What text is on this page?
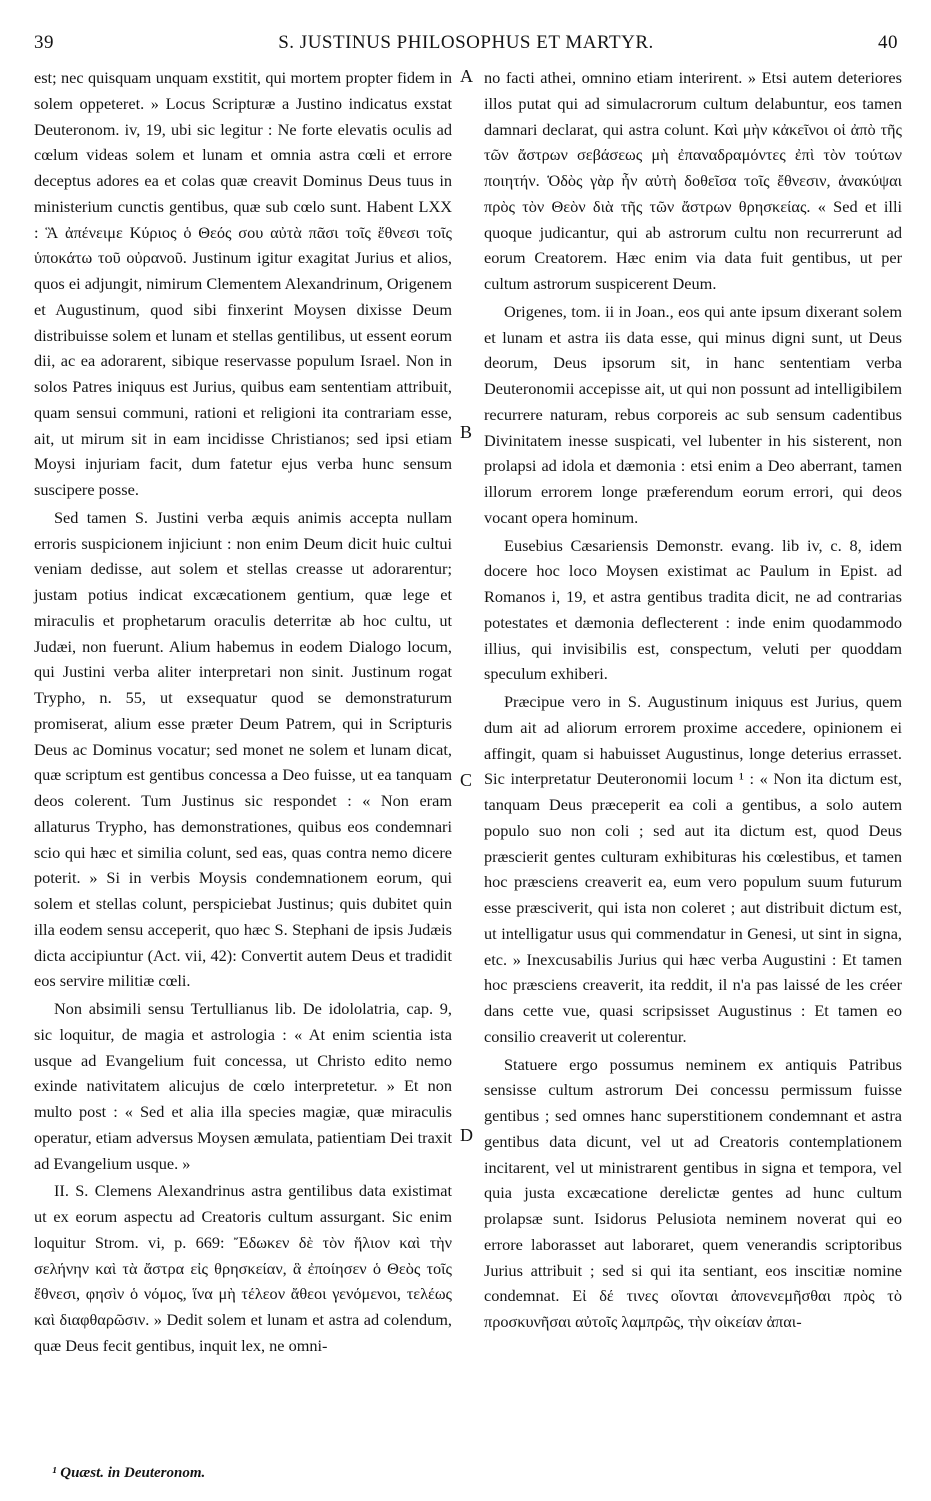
39	S. JUSTINUS PHILOSOPHUS ET MARTYR.	40

est; nec quisquam unquam exstitit, qui mortem propter fidem in solem oppeteret. » Locus Scripturæ a Justino indicatus exstat Deuteronom. iv, 19, ubi sic legitur : Ne forte elevatis oculis ad cœlum videas solem et lunam et omnia astra cœli et errore deceptus adores ea et colas quæ creavit Dominus Deus tuus in ministerium cunctis gentibus, quæ sub cœlo sunt. Habent LXX : Ἃ ἀπένειμε Κύριος ὁ Θεός σου αὐτὰ πᾶσι τοῖς ἔθνεσι τοῖς ὑποκάτω τοῦ οὐρανοῦ. Justinum igitur exagitat Jurius et alios, quos ei adjungit, nimirum Clementem Alexandrinum, Origenem et Augustinum, quod sibi finxerint Moysen dixisse Deum distribuisse solem et lunam et stellas gentilibus, ut essent eorum dii, ac ea adorarent, sibique reservasse populum Israel. Non in solos Patres iniquus est Jurius, quibus eam sententiam attribuit, quam sensui communi, rationi et religioni ita contrariam esse, ait, ut mirum sit in eam incidisse Christianos; sed ipsi etiam Moysi injuriam facit, dum fatetur ejus verba hunc sensum suscipere posse.

Sed tamen S. Justini verba æquis animis accepta nullam erroris suspicionem injiciunt : non enim Deum dicit huic cultui veniam dedisse, aut solem et stellas creasse ut adorarentur; justam potius indicat excæcationem gentium, quæ lege et miraculis et prophetarum oraculis deterritæ ab hoc cultu, ut Judæi, non fuerunt. Alium habemus in eodem Dialogo locum, qui Justini verba aliter interpretari non sinit. Justinum rogat Trypho, n. 55, ut exsequatur quod se demonstraturum promiserat, alium esse præter Deum Patrem, qui in Scripturis Deus ac Dominus vocatur; sed monet ne solem et lunam dicat, quæ scriptum est gentibus concessa a Deo fuisse, ut ea tanquam deos colerent. Tum Justinus sic respondet : « Non eram allaturus Trypho, has demonstrationes, quibus eos condemnari scio qui hæc et similia colunt, sed eas, quas contra nemo dicere poterit. » Si in verbis Moysis condemnationem eorum, qui solem et stellas colunt, perspiciebat Justinus; quis dubitet quin illa eodem sensu acceperit, quo hæc S. Stephani de ipsis Judæis dicta accipiuntur (Act. vii, 42): Convertit autem Deus et tradidit eos servire militiæ cœli.

Non absimili sensu Tertullianus lib. De idololatria, cap. 9, sic loquitur, de magia et astrologia : « At enim scientia ista usque ad Evangelium fuit concessa, ut Christo edito nemo exinde nativitatem alicujus de cœlo interpretetur. » Et non multo post : « Sed et alia illa species magiæ, quæ miraculis operatur, etiam adversus Moysen æmulata, patientiam Dei traxit ad Evangelium usque. »

II. S. Clemens Alexandrinus astra gentilibus data existimat ut ex eorum aspectu ad Creatoris cultum assurgant. Sic enim loquitur Strom. vi, p. 669: Ἔδωκεν δὲ τὸν ἥλιον καὶ τὴν σελήνην καὶ τὰ ἄστρα εἰς θρησκείαν, ἃ ἐποίησεν ὁ Θεὸς τοῖς ἔθνεσι, φησὶν ὁ νόμος, ἵνα μὴ τέλεον ἄθεοι γενόμενοι, τελέως καὶ διαφθαρῶσιν. » Dedit solem et lunam et astra ad colendum, quæ Deus fecit gentibus, inquit lex, ne omni-

A
B
C
D

no facti athei, omnino etiam interirent. » Etsi autem deteriores illos putat qui ad simulacrorum cultum delabuntur, eos tamen damnari declarat, qui astra colunt. Καὶ μὴν κἀκεῖνοι οἱ ἀπὸ τῆς τῶν ἄστρων σεβάσεως μὴ ἐπαναδραμόντες ἐπὶ τὸν τούτων ποιητήν. Ὁδὸς γὰρ ἦν αὐτὴ δοθεῖσα τοῖς ἔθνεσιν, ἀνακύψαι πρὸς τὸν Θεὸν διὰ τῆς τῶν ἄστρων θρησκείας. « Sed et illi quoque judicantur, qui ab astrorum cultu non recurrerunt ad eorum Creatorem. Hæc enim via data fuit gentibus, ut per cultum astrorum suspicerent Deum.

Origenes, tom. ii in Joan., eos qui ante ipsum dixerant solem et lunam et astra iis data esse, qui minus digni sunt, ut Deus deorum, Deus ipsorum sit, in hanc sententiam verba Deuteronomii accepisse ait, ut qui non possunt ad intelligibilem recurrere naturam, rebus corporeis ac sub sensum cadentibus Divinitatem inesse suspicati, vel lubenter in his sisterent, non prolapsi ad idola et dæmonia : etsi enim a Deo aberrant, tamen illorum errorem longe præferendum eorum errori, qui deos vocant opera hominum.

Eusebius Cæsariensis Demonstr. evang. lib iv, c. 8, idem docere hoc loco Moysen existimat ac Paulum in Epist. ad Romanos i, 19, et astra gentibus tradita dicit, ne ad contrarias potestates et dæmonia deflecterent : inde enim quodammodo illius, qui invisibilis est, conspectum, veluti per quoddam speculum exhiberi.

Præcipue vero in S. Augustinum iniquus est Jurius, quem dum ait ad aliorum errorem proxime accedere, opinionem ei affingit, quam si habuisset Augustinus, longe deterius errasset. Sic interpretatur Deuteronomii locum ¹ : « Non ita dictum est, tanquam Deus præceperit ea coli a gentibus, a solo autem populo suo non coli ; sed aut ita dictum est, quod Deus præscierit gentes culturam exhibituras his cœlestibus, et tamen hoc præsciens creaverit ea, eum vero populum suum futurum esse præsciverit, qui ista non coleret ; aut distribuit dictum est, ut intelligatur usus qui commendatur in Genesi, ut sint in signa, etc. » Inexcusabilis Jurius qui hæc verba Augustini : Et tamen hoc præsciens creaverit, ita reddit, il n'a pas laissé de les créer dans cette vue, quasi scripsisset Augustinus : Et tamen eo consilio creaverit ut colerentur.

Statuere ergo possumus neminem ex antiquis Patribus sensisse cultum astrorum Dei concessu permissum fuisse gentibus ; sed omnes hanc superstitionem condemnant et astra gentibus data dicunt, vel ut ad Creatoris contemplationem incitarent, vel ut ministrarent gentibus in signa et tempora, vel quia justa excæcatione derelictæ gentes ad hunc cultum prolapsæ sunt. Isidorus Pelusiota neminem noverat qui eo errore laborasset aut laboraret, quem venerandis scriptoribus Jurius attribuit ; sed si qui ita sentiant, eos inscitiæ nomine condemnat. Εἰ δέ τινες οἴονται ἀπονενεμῆσθαι πρὸς τὸ προσκυνῆσαι αὐτοῖς λαμπρῶς, τὴν οἰκείαν ἀπαι-

¹ Quæst. in Deuteronom.
